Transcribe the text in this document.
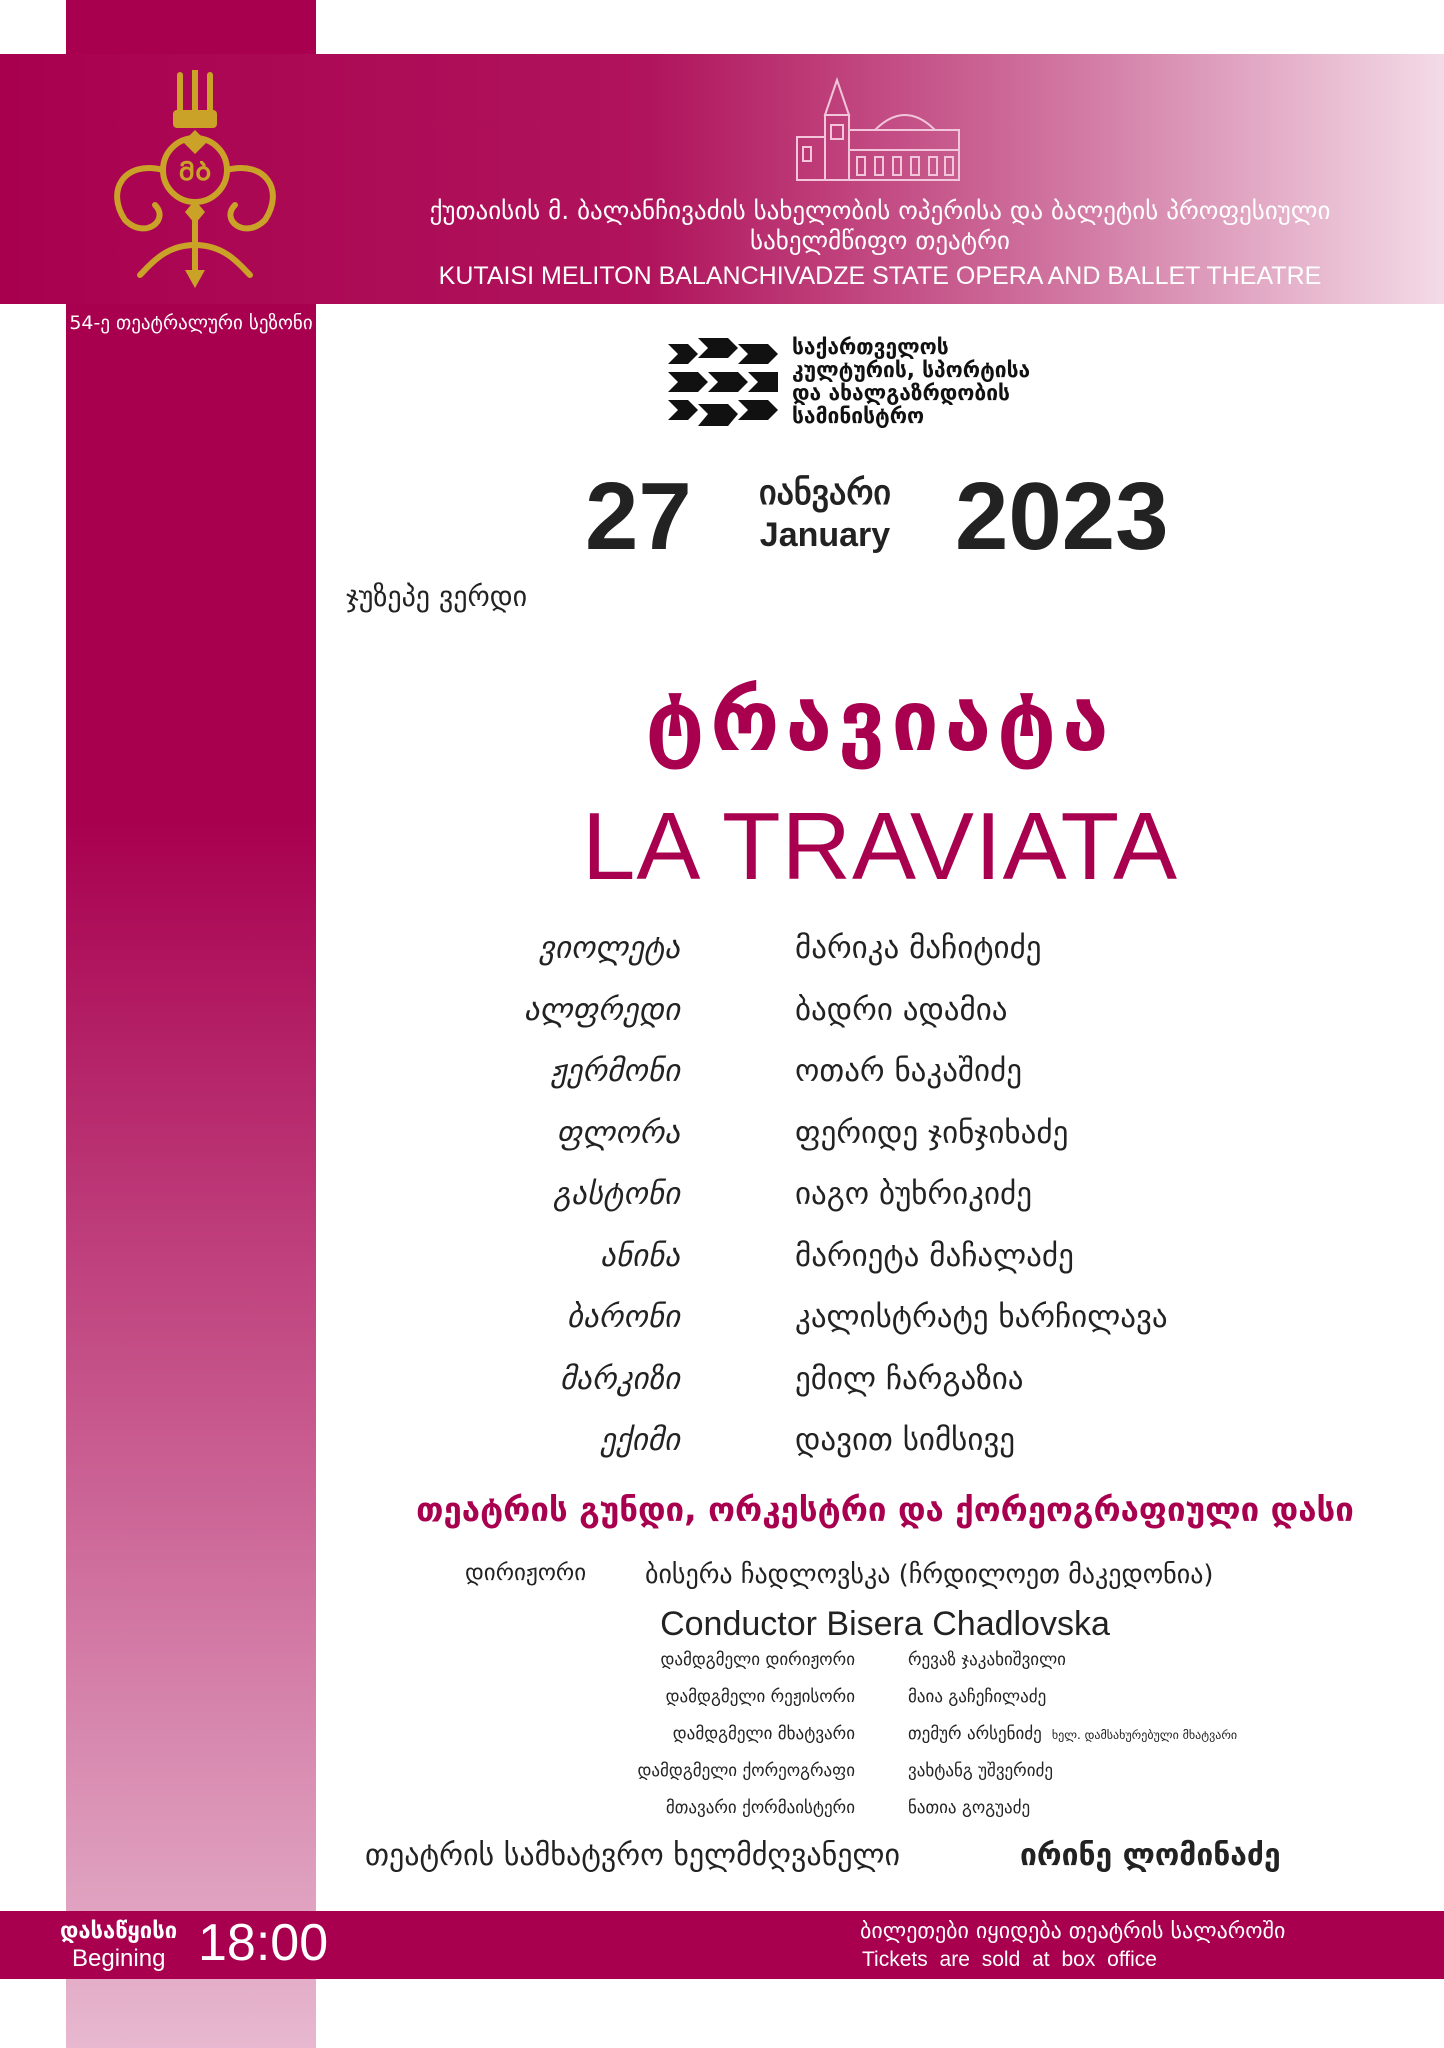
ᲛᲑ
ქუთაისის მ. ბალანჩივაძის სახელობის ოპერისა და ბალეტის პროფესიული
სახელმწიფო თეატრი
KUTAISI MELITON BALANCHIVADZE STATE OPERA AND BALLET THEATRE
54-ე თეატრალური სეზონი
საქართველოს
კულტურის, სპორტისა
და ახალგაზრდობის
სამინისტრო
27	იანვარი
January 2023
ჯუზეპე ვერდი
ტრავიატა
LA TRAVIATA
ვიოლეტა	მარიკა მაჩიტიძე
ალფრედი	ბადრი ადამია
ჟერმონი	ოთარ ნაკაშიძე
ფლორა	ფერიდე ჯინჯიხაძე
გასტონი	იაგო ბუხრიკიძე
ანინა	მარიეტა მაჩალაძე
ბარონი	კალისტრატე ხარჩილავა
მარკიზი	ემილ ჩარგაზია
ექიმი	დავით სიმსივე
თეატრის გუნდი, ორკესტრი და ქორეოგრაფიული დასი
დირიჟორი ბისერა ჩადლოვსკა (ჩრდილოეთ მაკედონია)
Conductor Bisera Chadlovska
დამდგმელი დირიჟორი	რევაზ ჯაკახიშვილი
დამდგმელი რეჟისორი	მაია გაჩეჩილაძე
დამდგმელი მხატვარი	თემურ არსენიძე ხელ. დამსახურებული მხატვარი
დამდგმელი ქორეოგრაფი	ვახტანგ უშვერიძე
მთავარი ქორმაისტერი	ნათია გოგუაძე
თეატრის სამხატვრო ხელმძღვანელი	ირინე ლომინაძე
დასაწყისი
Begining 18:00	ბილეთები იყიდება თეატრის სალაროში
Tickets are sold at box office
